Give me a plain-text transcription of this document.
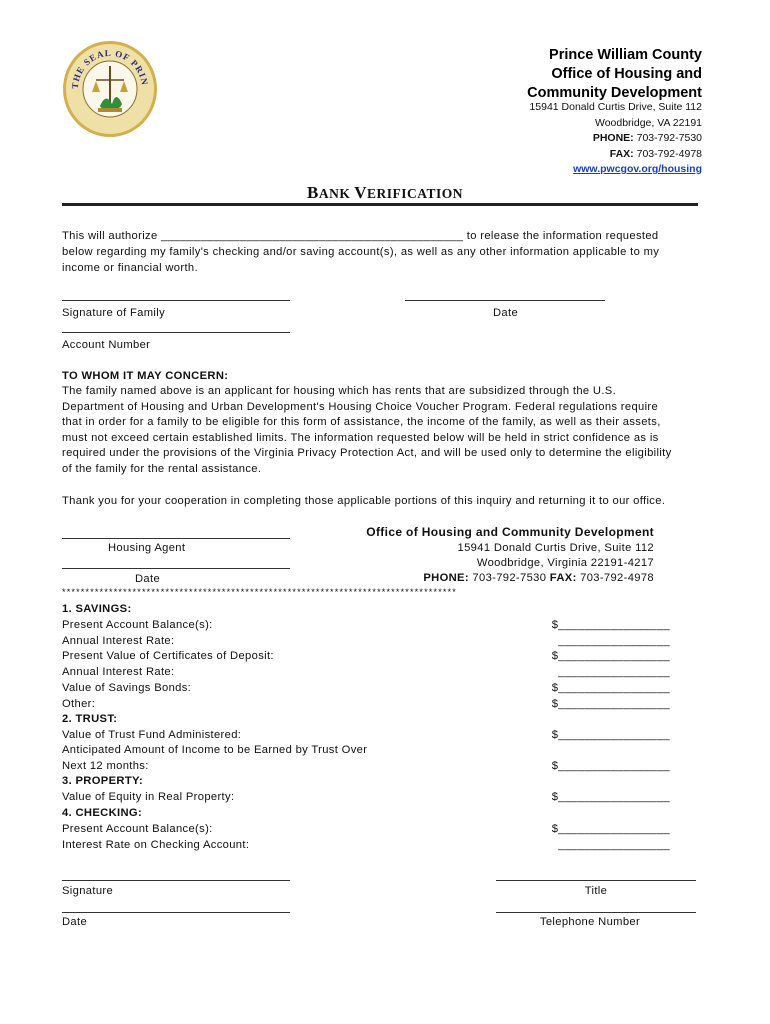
THE SEAL OF PRIN
Prince William County
Office of Housing and
Community Development
15941 Donald Curtis Drive, Suite 112
Woodbridge, VA 22191
PHONE: 703-792-7530
FAX: 703-792-4978
www.pwcgov.org/housing
BANK VERIFICATION
This will authorize ______________________________________________ to release the information requested
below regarding my family's checking and/or saving account(s), as well as any other information applicable to my
income or financial worth.
Signature of Family	Date
Account Number
TO WHOM IT MAY CONCERN:
The family named above is an applicant for housing which has rents that are subsidized through the U.S.
Department of Housing and Urban Development's Housing Choice Voucher Program. Federal regulations require
that in order for a family to be eligible for this form of assistance, the income of the family, as well as their assets,
must not exceed certain established limits. The information requested below will be held in strict confidence as is
required under the provisions of the Virginia Privacy Protection Act, and will be used only to determine the eligibility
of the family for the rental assistance.
Thank you for your cooperation in completing those applicable portions of this inquiry and returning it to our office.
Housing Agent
Date
Office of Housing and Community Development
15941 Donald Curtis Drive, Suite 112
Woodbridge, Virginia 22191-4217
PHONE: 703-792-7530 FAX: 703-792-4978
************************************************************************************
1. SAVINGS:
Present Account Balance(s):	$_________________
Annual Interest Rate:	_________________
Present Value of Certificates of Deposit:	$_________________
Annual Interest Rate:	_________________
Value of Savings Bonds:	$_________________
Other:	$_________________
2. TRUST:
Value of Trust Fund Administered:	$_________________
Anticipated Amount of Income to be Earned by Trust Over
Next 12 months:	$_________________
3. PROPERTY:
Value of Equity in Real Property:	$_________________
4. CHECKING:
Present Account Balance(s):	$_________________
Interest Rate on Checking Account:	_________________
Signature	Title
Date	Telephone Number
